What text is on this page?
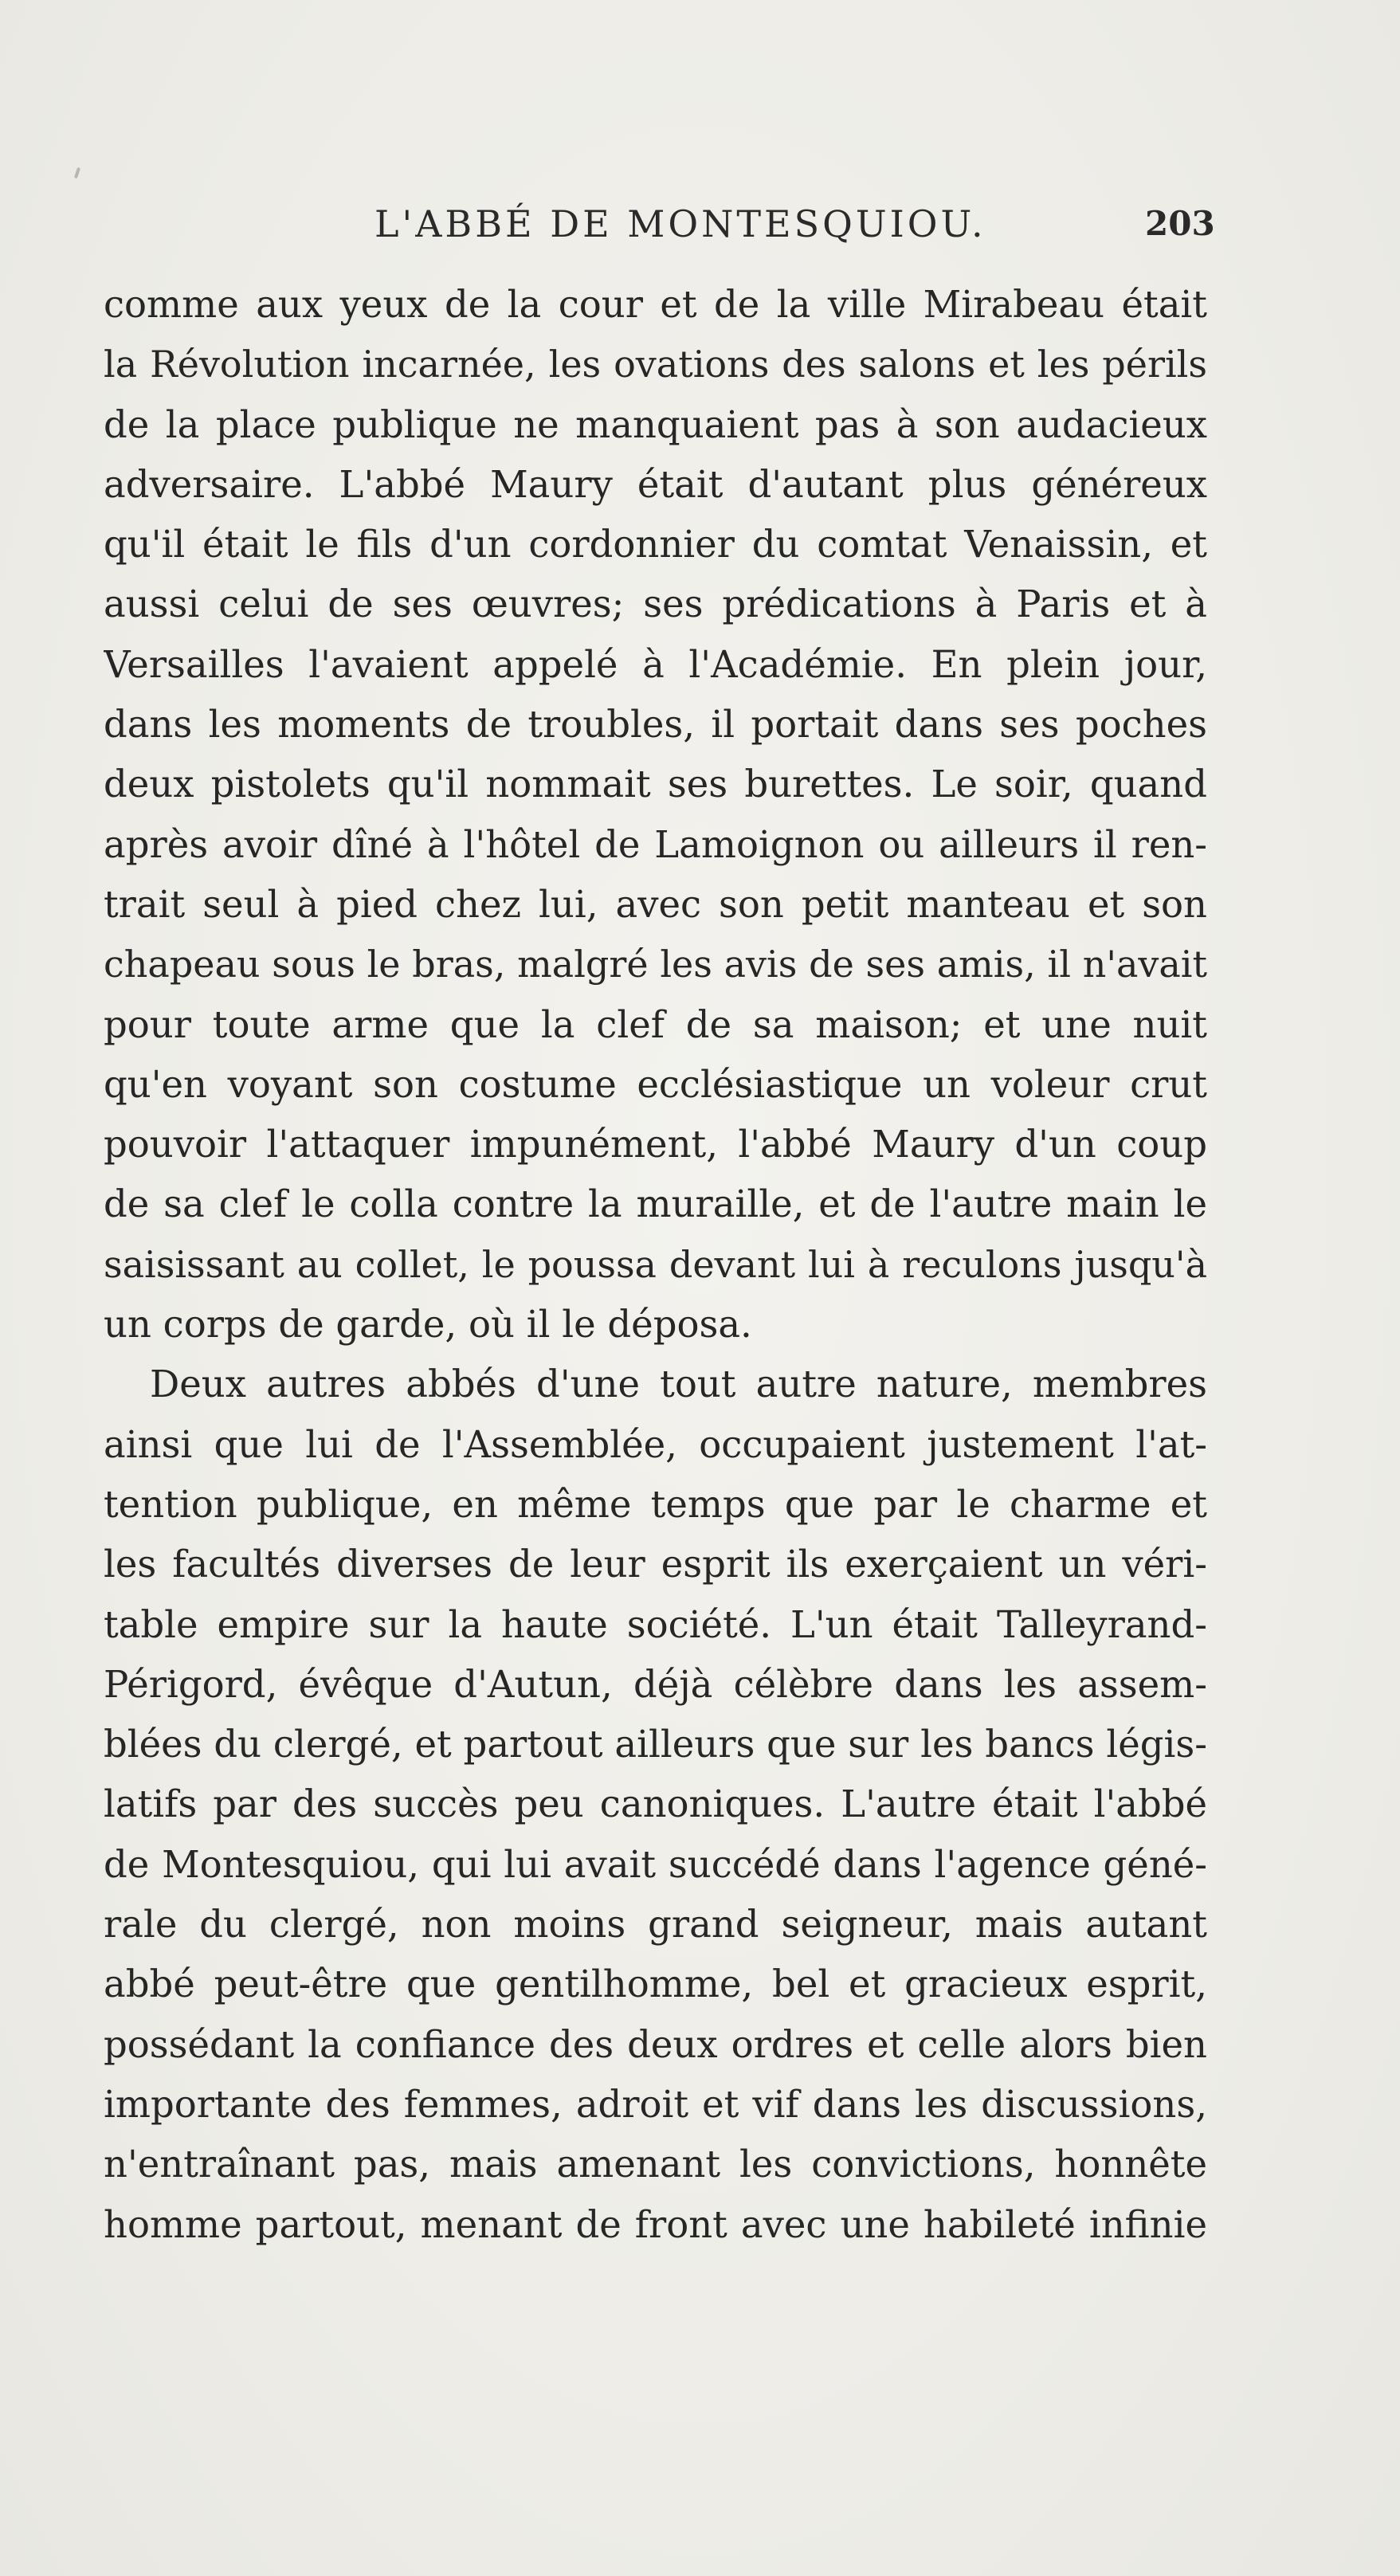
L'ABBÉ DE MONTESQUIOU.	203
comme aux yeux de la cour et de la ville Mirabeau était
la Révolution incarnée, les ovations des salons et les périls
de la place publique ne manquaient pas à son audacieux
adversaire. L'abbé Maury était d'autant plus généreux
qu'il était le fils d'un cordonnier du comtat Venaissin, et
aussi celui de ses œuvres; ses prédications à Paris et à
Versailles l'avaient appelé à l'Académie. En plein jour,
dans les moments de troubles, il portait dans ses poches
deux pistolets qu'il nommait ses burettes. Le soir, quand
après avoir dîné à l'hôtel de Lamoignon ou ailleurs il ren-
trait seul à pied chez lui, avec son petit manteau et son
chapeau sous le bras, malgré les avis de ses amis, il n'avait
pour toute arme que la clef de sa maison; et une nuit
qu'en voyant son costume ecclésiastique un voleur crut
pouvoir l'attaquer impunément, l'abbé Maury d'un coup
de sa clef le colla contre la muraille, et de l'autre main le
saisissant au collet, le poussa devant lui à reculons jusqu'à
un corps de garde, où il le déposa.
Deux autres abbés d'une tout autre nature, membres
ainsi que lui de l'Assemblée, occupaient justement l'at-
tention publique, en même temps que par le charme et
les facultés diverses de leur esprit ils exerçaient un véri-
table empire sur la haute société. L'un était Talleyrand-
Périgord, évêque d'Autun, déjà célèbre dans les assem-
blées du clergé, et partout ailleurs que sur les bancs légis-
latifs par des succès peu canoniques. L'autre était l'abbé
de Montesquiou, qui lui avait succédé dans l'agence géné-
rale du clergé, non moins grand seigneur, mais autant
abbé peut-être que gentilhomme, bel et gracieux esprit,
possédant la confiance des deux ordres et celle alors bien
importante des femmes, adroit et vif dans les discussions,
n'entraînant pas, mais amenant les convictions, honnête
homme partout, menant de front avec une habileté infinie
